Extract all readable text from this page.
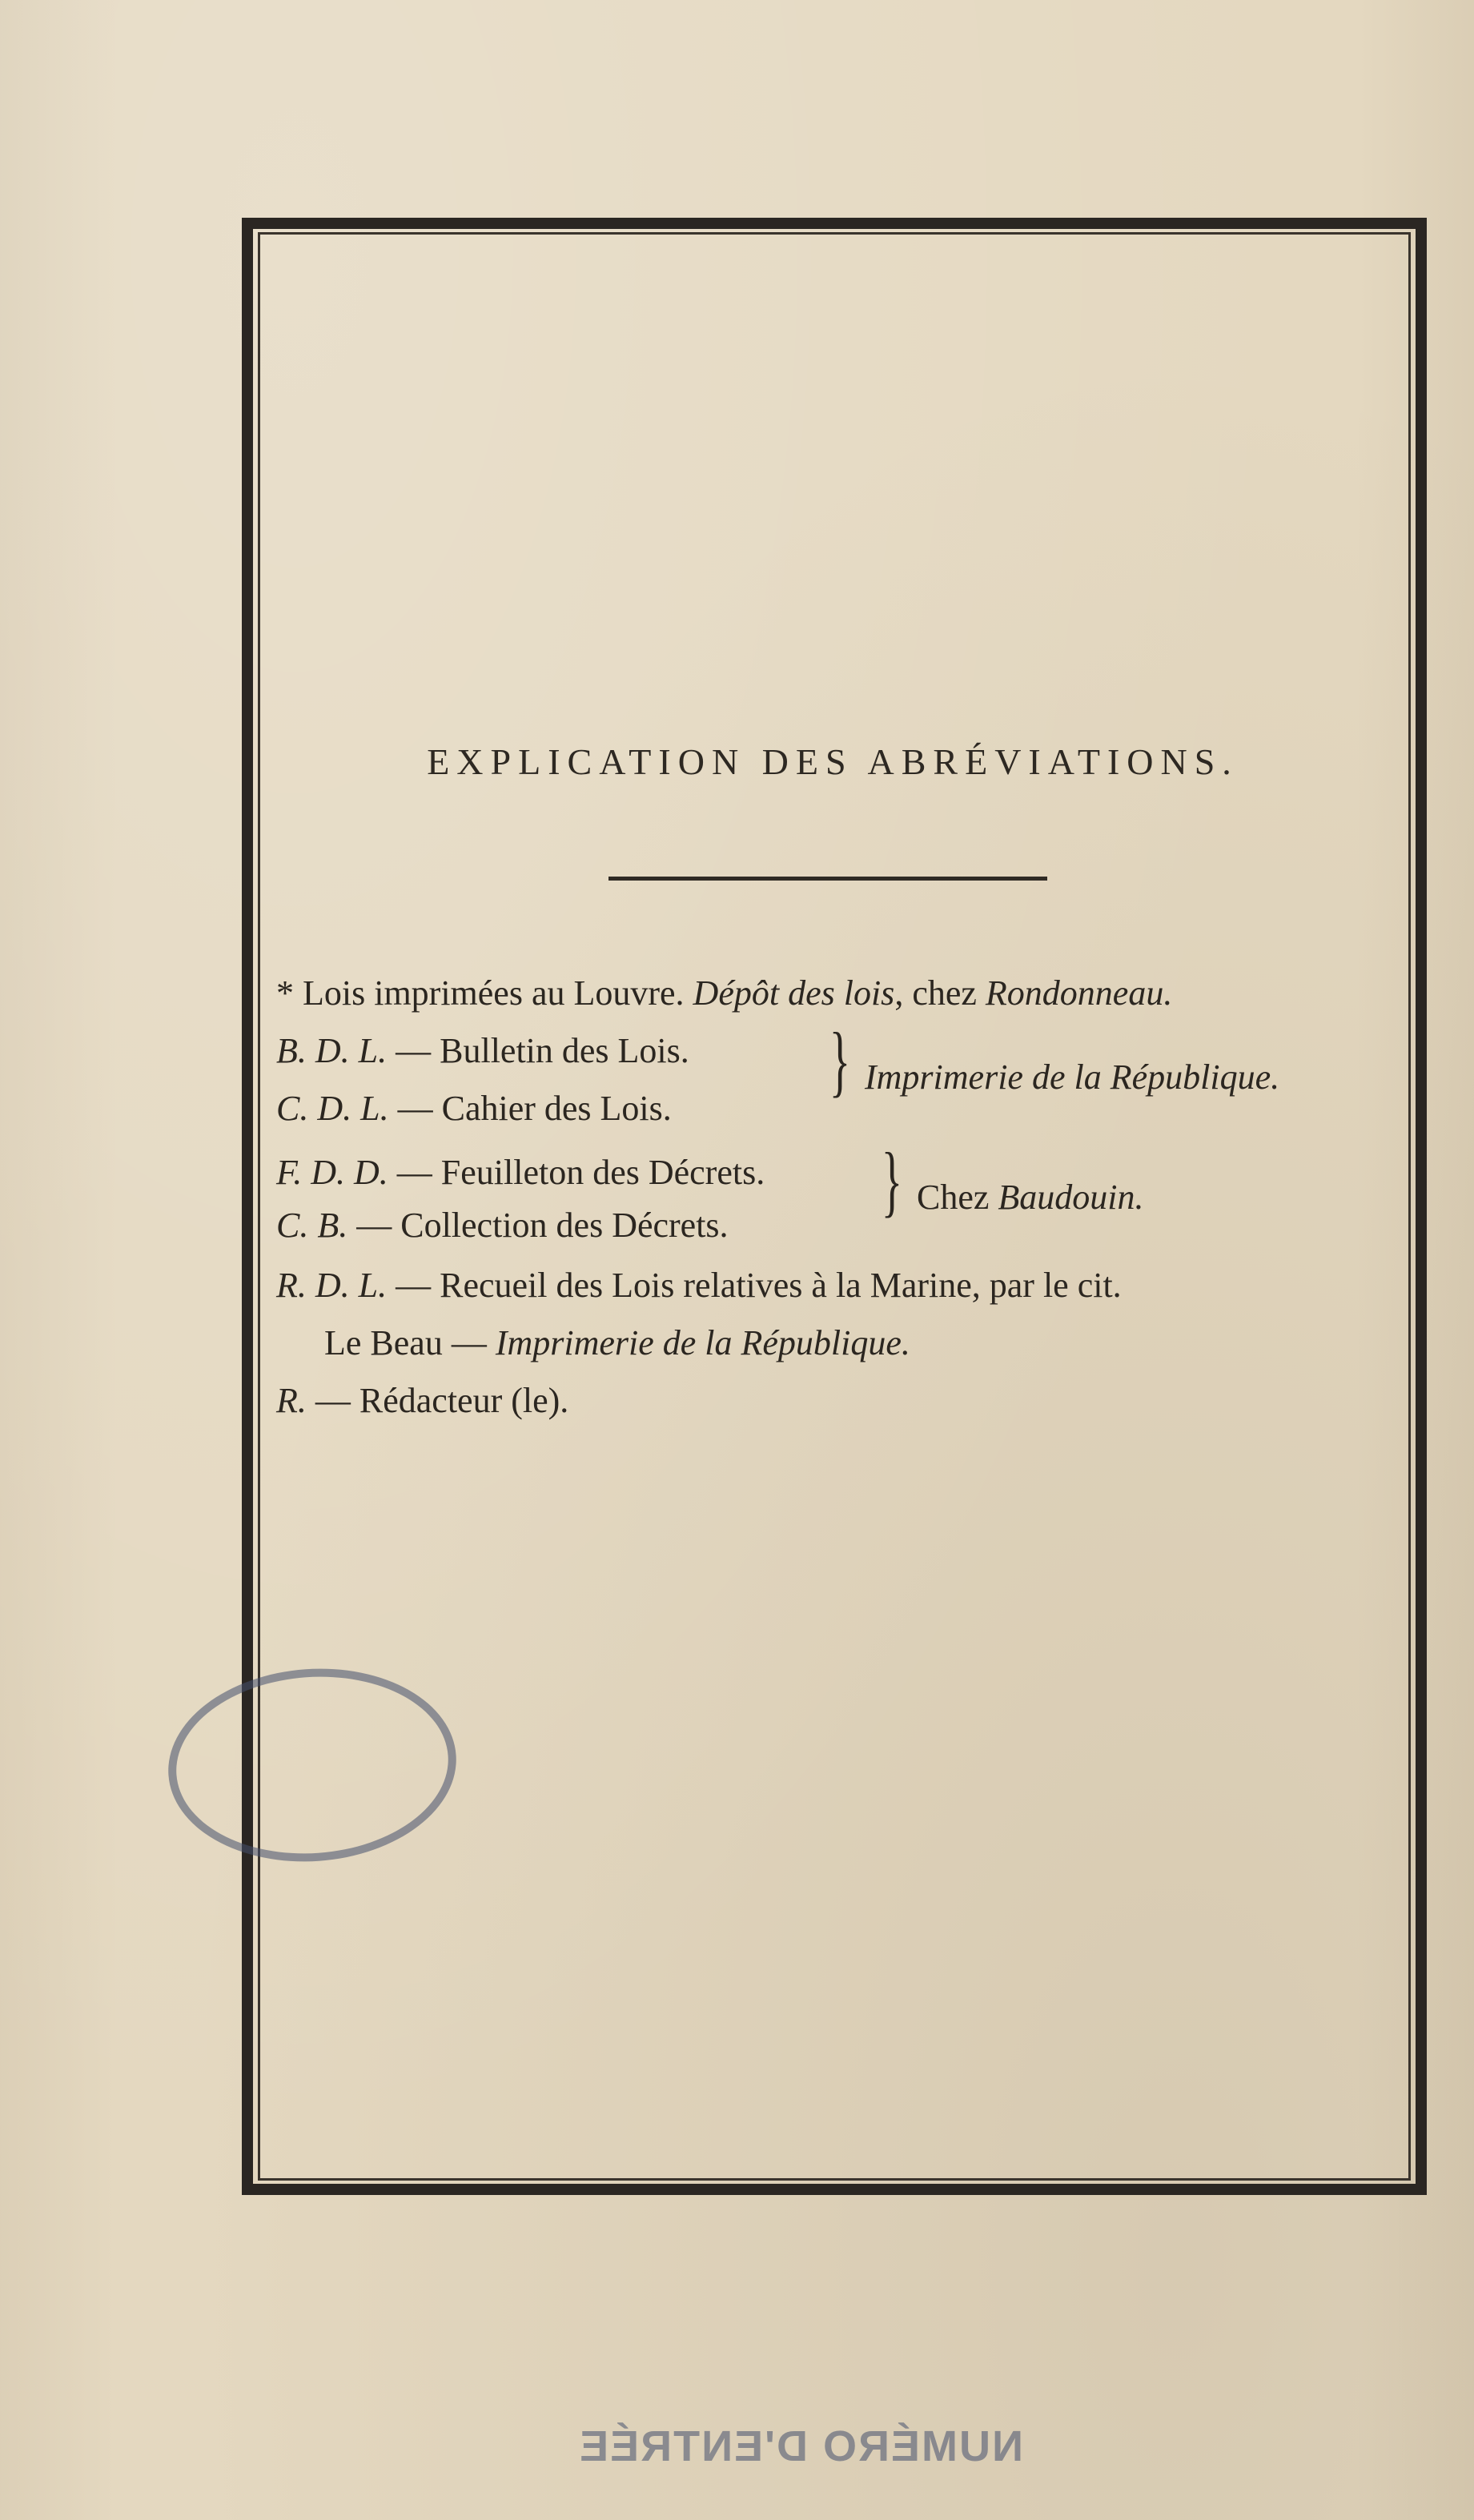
EXPLICATION DES ABRÉVIATIONS.
* Lois imprimées au Louvre. Dépôt des lois, chez Rondonneau.
B. D. L. — Bulletin des Lois.
C. D. L. — Cahier des Lois.
} Imprimerie de la République.
F. D. D. — Feuilleton des Décrets.
C. B. — Collection des Décrets.
} Chez Baudouin.
R. D. L. — Recueil des Lois relatives à la Marine, par le cit.
Le Beau — Imprimerie de la République.
R. — Rédacteur (le).
NUMÉRO D'ENTRÉE
